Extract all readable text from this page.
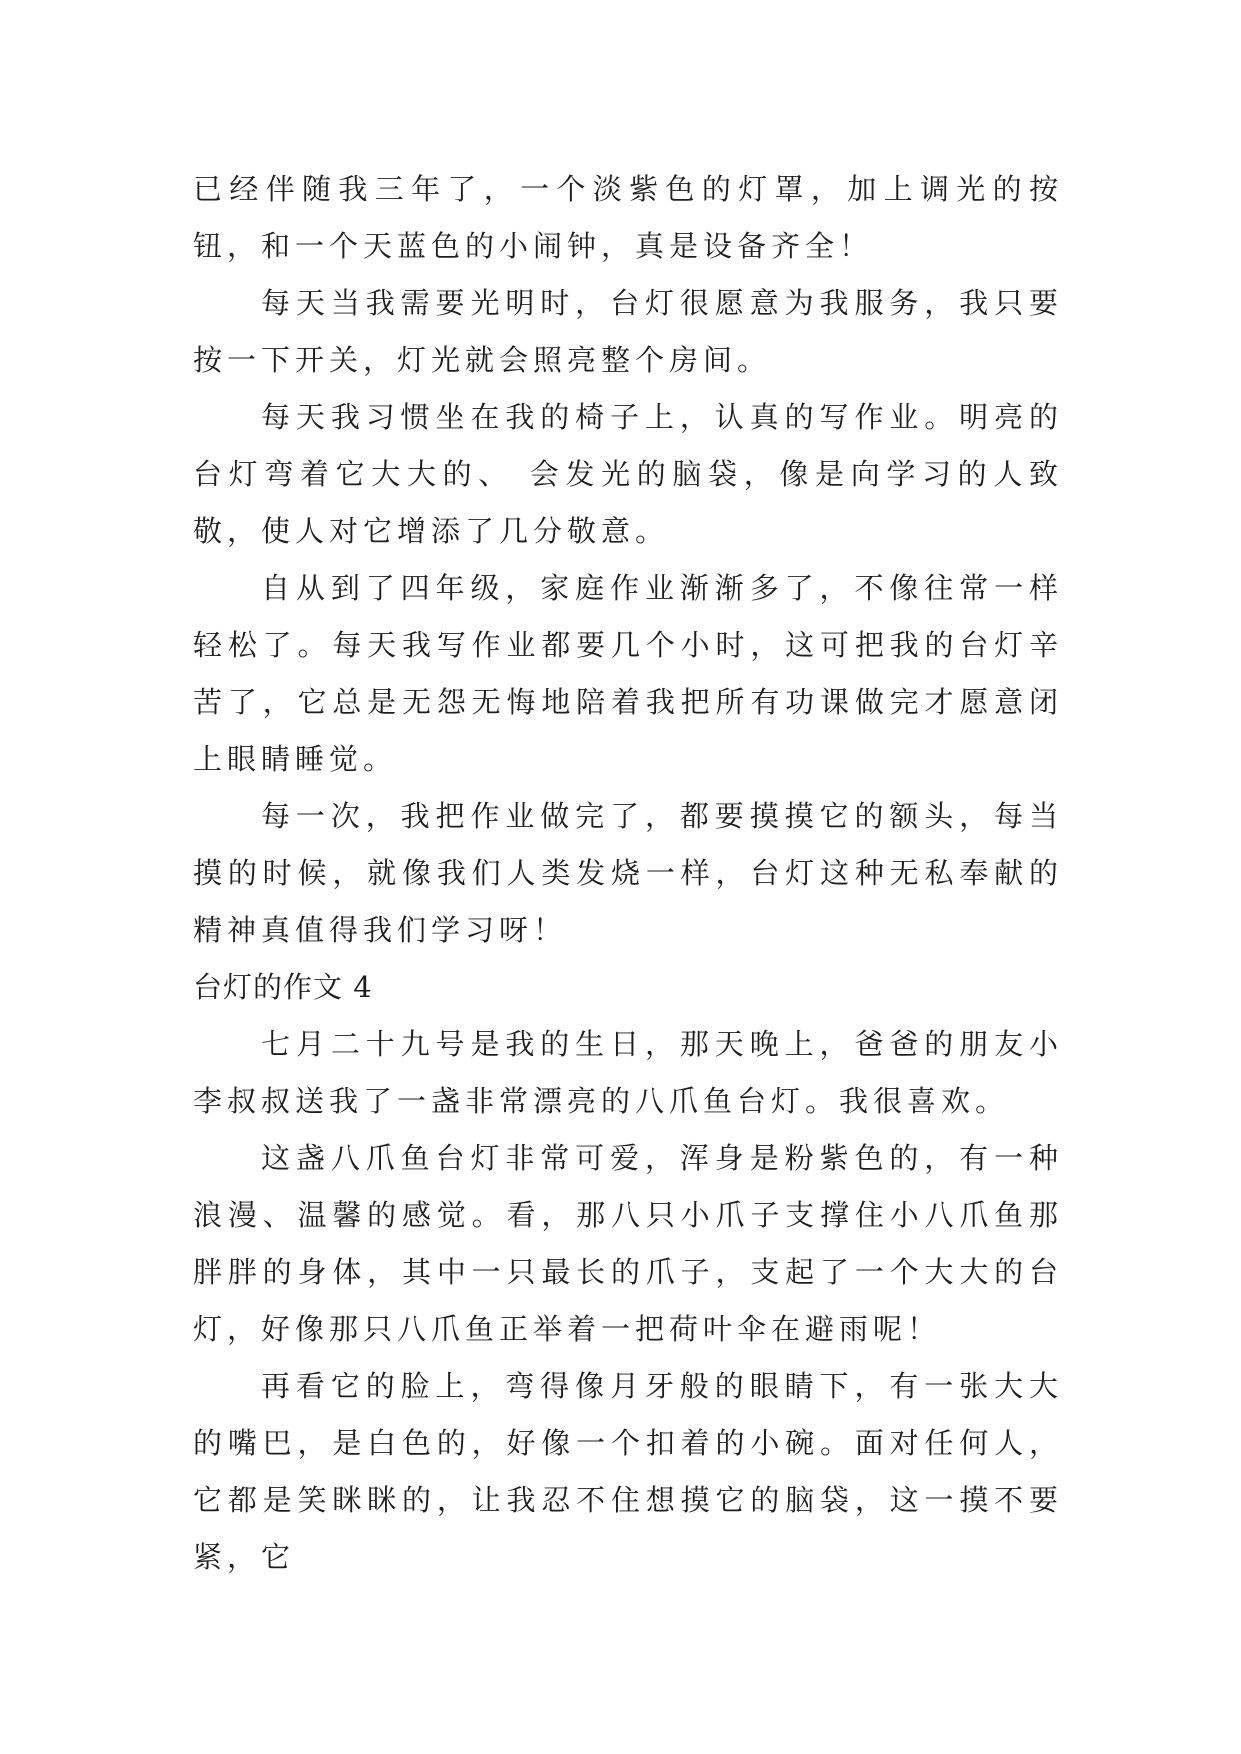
已经伴随我三年了，一个淡紫色的灯罩，加上调光的按钮，和一个天蓝色的小闹钟，真是设备齐全！

每天当我需要光明时，台灯很愿意为我服务，我只要按一下开关，灯光就会照亮整个房间。

每天我习惯坐在我的椅子上，认真的写作业。明亮的台灯弯着它大大的、 会发光的脑袋，像是向学习的人致敬，使人对它增添了几分敬意。

自从到了四年级，家庭作业渐渐多了，不像往常一样轻松了。每天我写作业都要几个小时，这可把我的台灯辛苦了，它总是无怨无悔地陪着我把所有功课做完才愿意闭上眼睛睡觉。

每一次，我把作业做完了，都要摸摸它的额头，每当摸的时候，就像我们人类发烧一样，台灯这种无私奉献的精神真值得我们学习呀！

台灯的作文 4

七月二十九号是我的生日，那天晚上，爸爸的朋友小李叔叔送我了一盏非常漂亮的八爪鱼台灯。我很喜欢。

这盏八爪鱼台灯非常可爱，浑身是粉紫色的，有一种浪漫、温馨的感觉。看，那八只小爪子支撑住小八爪鱼那胖胖的身体，其中一只最长的爪子，支起了一个大大的台灯，好像那只八爪鱼正举着一把荷叶伞在避雨呢！

再看它的脸上，弯得像月牙般的眼睛下，有一张大大的嘴巴，是白色的，好像一个扣着的小碗。面对任何人，它都是笑眯眯的，让我忍不住想摸它的脑袋，这一摸不要紧，它
